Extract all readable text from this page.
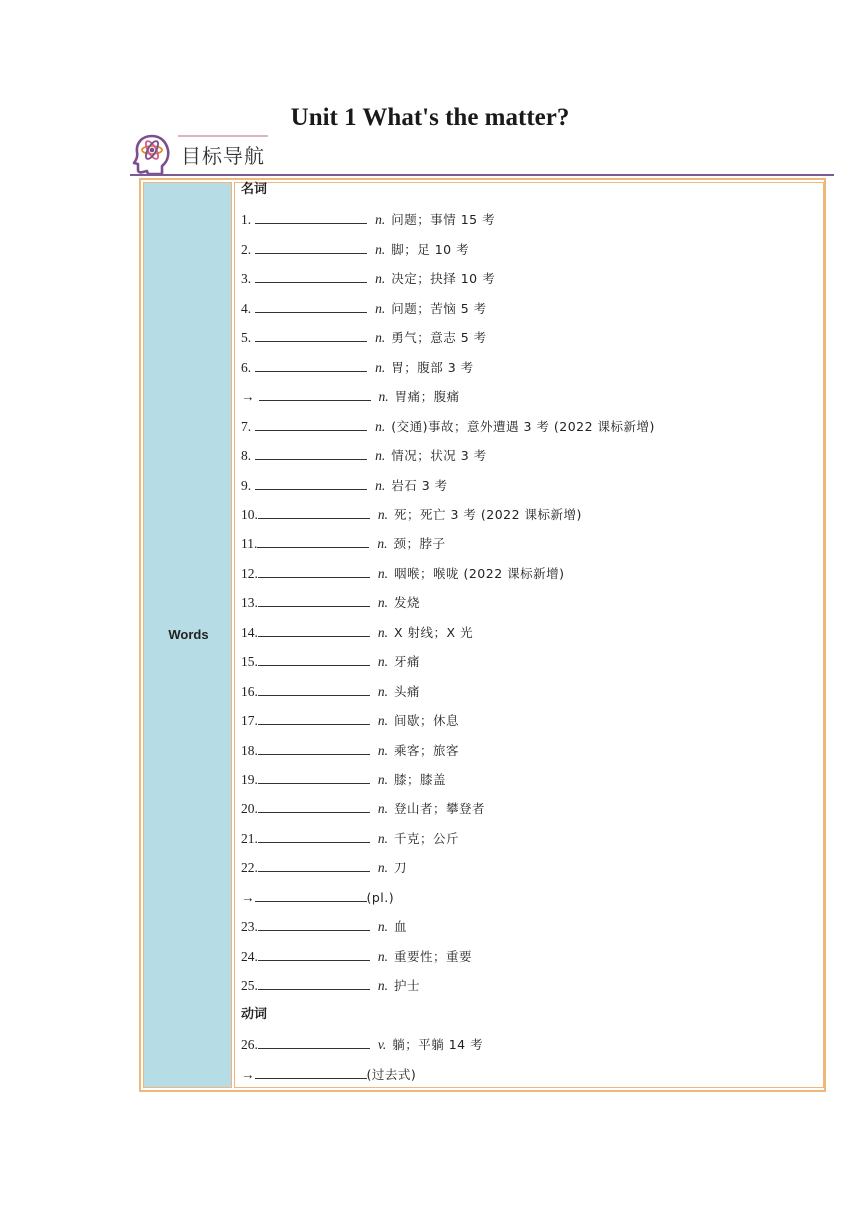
Unit 1 What's the matter?
目标导航
Words
名词
1.	n. 问题；事情 15 考
2.	n. 脚；足 10 考
3.	n. 决定；抉择 10 考
4.	n. 问题；苦恼 5 考
5.	n. 勇气；意志 5 考
6.	n. 胃；腹部 3 考
→	n. 胃痛；腹痛
7.	n. (交通)事故；意外遭遇 3 考 (2022 课标新增)
8.	n. 情况；状况 3 考
9.	n. 岩石 3 考
10.	n. 死；死亡 3 考 (2022 课标新增)
11.	n. 颈；脖子
12.	n. 咽喉；喉咙 (2022 课标新增)
13.	n. 发烧
14.	n. X 射线；X 光
15.	n. 牙痛
16.	n. 头痛
17.	n. 间歇；休息
18.	n. 乘客；旅客
19.	n. 膝；膝盖
20.	n. 登山者；攀登者
21.	n. 千克；公斤
22.	n. 刀
→	(pl.)
23.	n. 血
24.	n. 重要性；重要
25.	n. 护士
动词
26.	v. 躺；平躺 14 考
→	(过去式)
